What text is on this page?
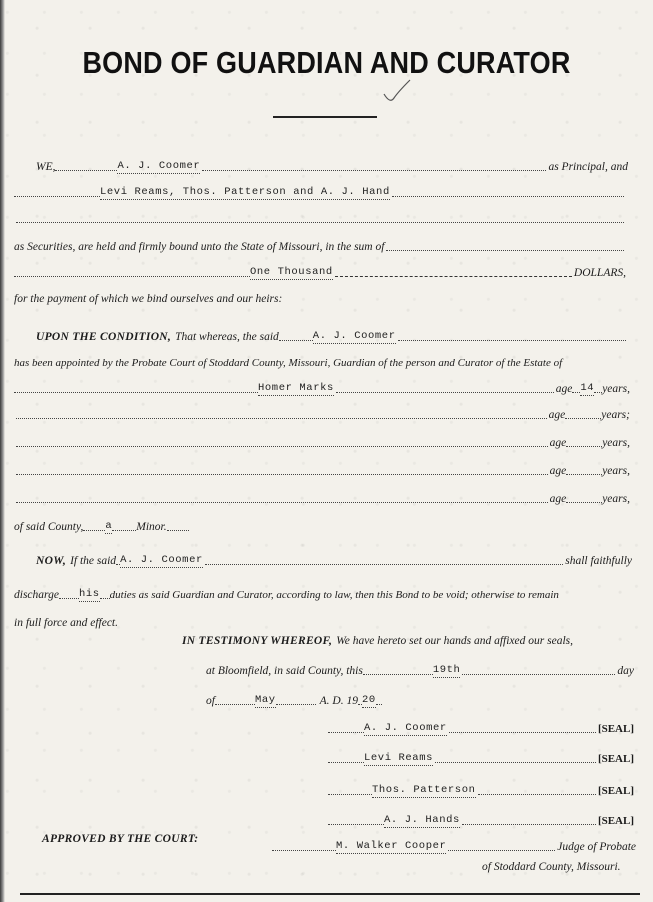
BOND OF GUARDIAN AND CURATOR
WE,	A. J. Coomer	as Principal, and
Levi Reams, Thos. Patterson and A. J. Hand
as Securities, are held and firmly bound unto the State of Missouri, in the sum of
One Thousand	DOLLARS,
for the payment of which we bind ourselves and our heirs:
UPON THE CONDITION, That whereas, the said	A. J. Coomer
has been appointed by the Probate Court of Stoddard County, Missouri, Guardian of the person and Curator of the Estate of
Homer Marks	age 14 years,
age	years;
age	years,
age	years,
age	years,
of said County, a Minor.
NOW, If the said A. J. Coomer	shall faithfully
discharge his duties as said Guardian and Curator, according to law, then this Bond to be void; otherwise to remain
in full force and effect.
IN TESTIMONY WHEREOF, We have hereto set our hands and affixed our seals,
at Bloomfield, in said County, this	19th	day
of	May	A. D. 19 20
A. J. Coomer	[SEAL]
Levi Reams	[SEAL]
Thos. Patterson	[SEAL]
A. J. Hands	[SEAL]
APPROVED BY THE COURT:
M. Walker Cooper	Judge of Probate
of Stoddard County, Missouri.
